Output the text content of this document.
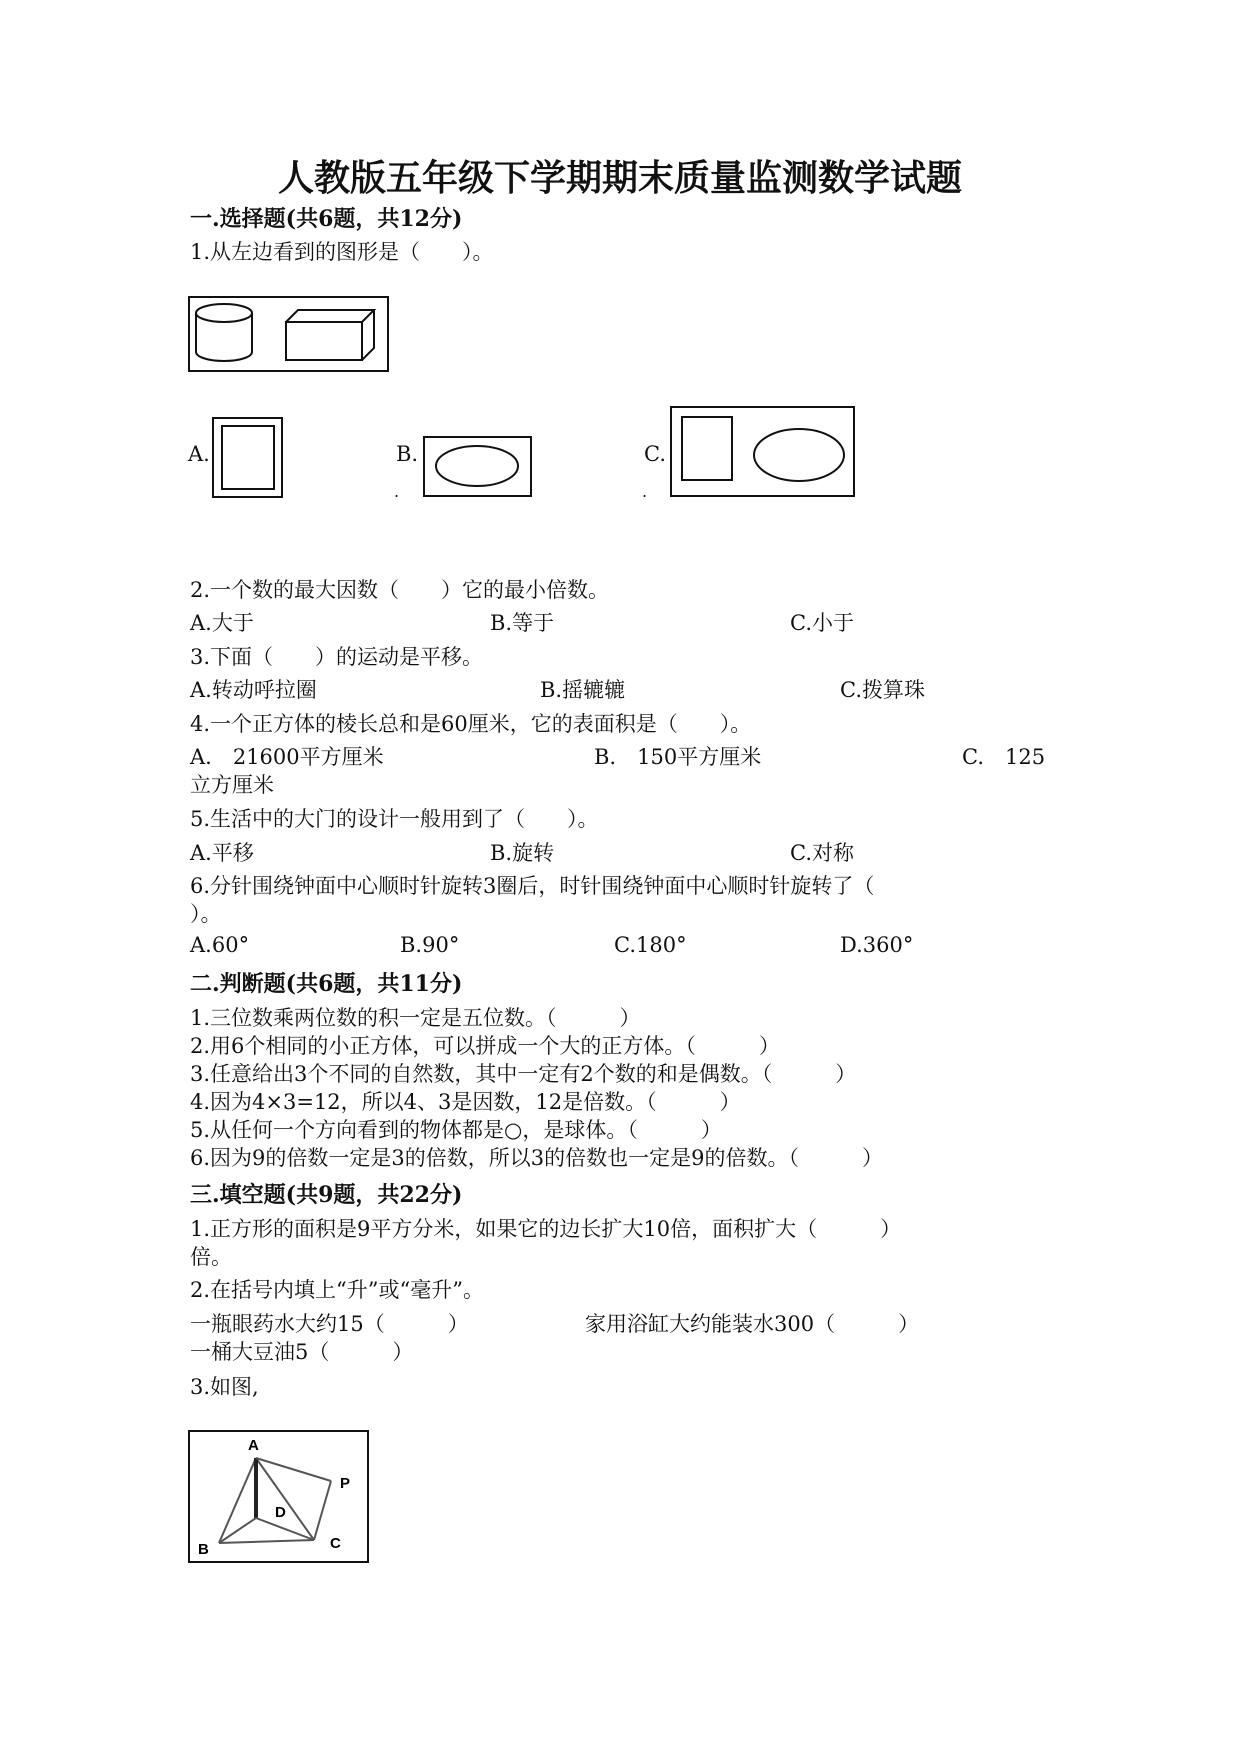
人教版五年级下学期期末质量监测数学试题
一.选择题(共6题，共12分)
1.从左边看到的图形是（　　）。
A.	B.
.
C.
.
2.一个数的最大因数（　　）它的最小倍数。
A.大于	B.等于	C.小于
3.下面（　　）的运动是平移。
A.转动呼拉圈	B.摇辘辘	C.拨算珠
4.一个正方体的棱长总和是60厘米，它的表面积是（　　）。
A.　21600平方厘米	B.　150平方厘米	C.　125
立方厘米
5.生活中的大门的设计一般用到了（　　）。
A.平移	B.旋转	C.对称
6.分针围绕钟面中心顺时针旋转3圈后，时针围绕钟面中心顺时针旋转了（
）。
A.60°	B.90°	C.180°	D.360°
二.判断题(共6题，共11分)
1.三位数乘两位数的积一定是五位数。（　　　）
2.用6个相同的小正方体，可以拼成一个大的正方体。（　　　）
3.任意给出3个不同的自然数，其中一定有2个数的和是偶数。（　　　）
4.因为4×3=12，所以4、3是因数，12是倍数。（　　　）
5.从任何一个方向看到的物体都是○，是球体。（　　　）
6.因为9的倍数一定是3的倍数，所以3的倍数也一定是9的倍数。（　　　）
三.填空题(共9题，共22分)
1.正方形的面积是9平方分米，如果它的边长扩大10倍，面积扩大（　　　）
倍。
2.在括号内填上“升”或“毫升”。
一瓶眼药水大约15（　　　）	家用浴缸大约能装水300（　　　）
一桶大豆油5（　　　）
3.如图,
A
B	C
D
P
